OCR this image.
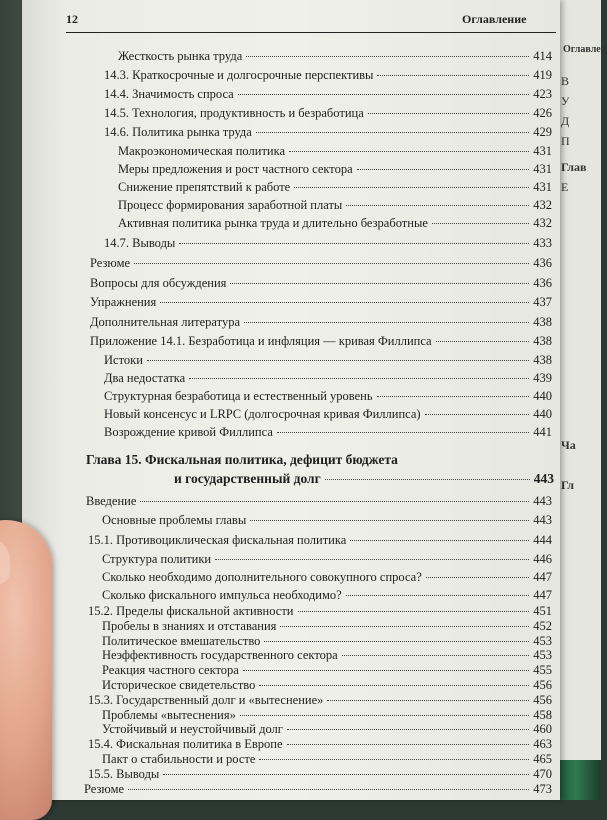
Оглавлен
В
У
Д
П
Глав
Е
Ча
Гл
12	Оглавление
Жесткость рынка труда	414
14.3. Краткосрочные и долгосрочные перспективы	419
14.4. Значимость спроса	423
14.5. Технология, продуктивность и безработица	426
14.6. Политика рынка труда	429
Макроэкономическая политика	431
Меры предложения и рост частного сектора	431
Снижение препятствий к работе	431
Процесс формирования заработной платы	432
Активная политика рынка труда и длительно безработные	432
14.7. Выводы	433
Резюме	436
Вопросы для обсуждения	436
Упражнения	437
Дополнительная литература	438
Приложение 14.1. Безработица и инфляция — кривая Филлипса	438
Истоки	438
Два недостатка	439
Структурная безработица и естественный уровень	440
Новый консенсус и LRPC (долгосрочная кривая Филлипса)	440
Возрождение кривой Филлипса	441
Глава 15. Фискальная политика, дефицит бюджета
и государственный долг	443
Введение	443
Основные проблемы главы	443
15.1. Противоциклическая фискальная политика	444
Структура политики	446
Сколько необходимо дополнительного совокупного спроса?	447
Сколько фискального импульса необходимо?	447
15.2. Пределы фискальной активности	451
Пробелы в знаниях и отставания	452
Политическое вмешательство	453
Неэффективность государственного сектора	453
Реакция частного сектора	455
Историческое свидетельство	456
15.3. Государственный долг и «вытеснение»	456
Проблемы «вытеснения»	458
Устойчивый и неустойчивый долг	460
15.4. Фискальная политика в Европе	463
Пакт о стабильности и росте	465
15.5. Выводы	470
Резюме	473
